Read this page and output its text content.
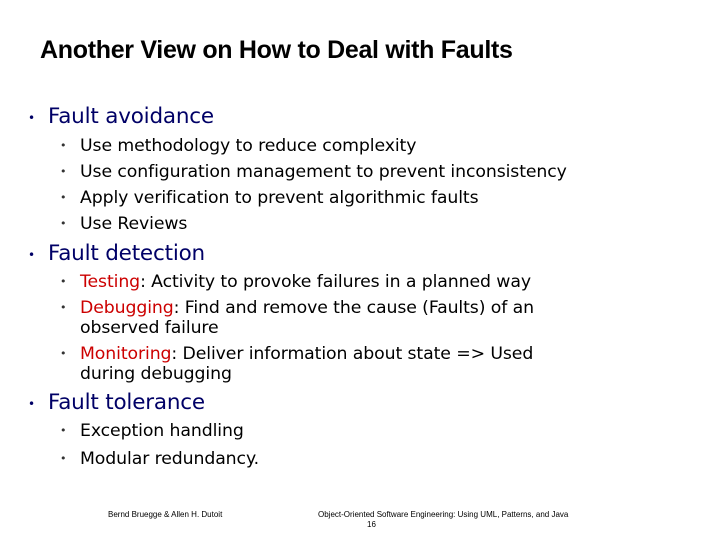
Another View on How to Deal with Faults
• Fault avoidance
• Use methodology to reduce complexity
• Use configuration management to prevent inconsistency
• Apply verification to prevent algorithmic faults
• Use Reviews
• Fault detection
• Testing: Activity to provoke failures in a planned way
• Debugging: Find and remove the cause (Faults) of an
observed failure
• Monitoring: Deliver information about state => Used
during debugging
• Fault tolerance
• Exception handling
• Modular redundancy.
Bernd Bruegge & Allen H. Dutoit	Object-Oriented Software Engineering: Using UML, Patterns, and Java
16
